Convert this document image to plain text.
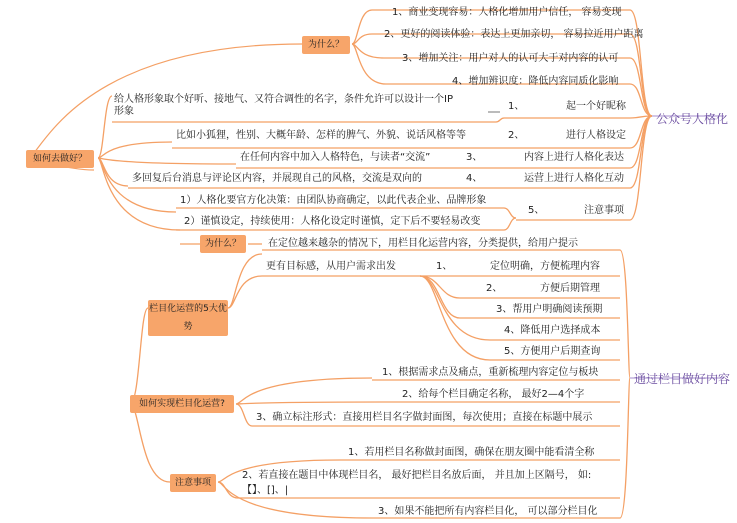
为什么？
1、商业变现容易：人格化增加用户信任， 容易变现
2、更好的阅读体验：表达上更加亲切， 容易拉近用户距离
3、增加关注：用户对人的认可大于对内容的认可
4、增加辨识度：降低内容同质化影响
公众号人格化
如何去做好？
给人格形象取个好听、接地气、又符合调性的名字，条件允许可以设计一个IP形象	1、	起一个好昵称
比如小狐狸，性别、大概年龄、怎样的脾气、外貌、说话风格等等	2、	进行人格设定
在任何内容中加入人格特色，与读者“交流”	3、	内容上进行人格化表达
多回复后台消息与评论区内容，并展现自己的风格，交流是双向的	4、	运营上进行人格化互动
1）人格化要官方化决策：由团队协商确定，以此代表企业、品牌形象
2）谨慎设定，持续使用：人格化设定时谨慎，定下后不要轻易改变
5、	注意事项
为什么？	在定位越来越杂的情况下，用栏目化运营内容，分类提供，给用户提示
栏目化运营的5大优势
更有目标感，从用户需求出发	1、	定位明确，方便梳理内容
2、	方便后期管理
3、帮用户明确阅读预期
4、降低用户选择成本
5、方便用户后期查询
通过栏目做好内容
如何实现栏目化运营?
1、根据需求点及痛点，重新梳理内容定位与板块
2、给每个栏目确定名称， 最好2—4个字
3、确立标注形式：直接用栏目名字做封面图，每次使用；直接在标题中展示
注意事项
1、若用栏目名称做封面图，确保在朋友圈中能看清全称
2、若直接在题目中体现栏目名， 最好把栏目名放后面， 并且加上区隔号， 如:
【】、[]、|
3、如果不能把所有内容栏目化， 可以部分栏目化
